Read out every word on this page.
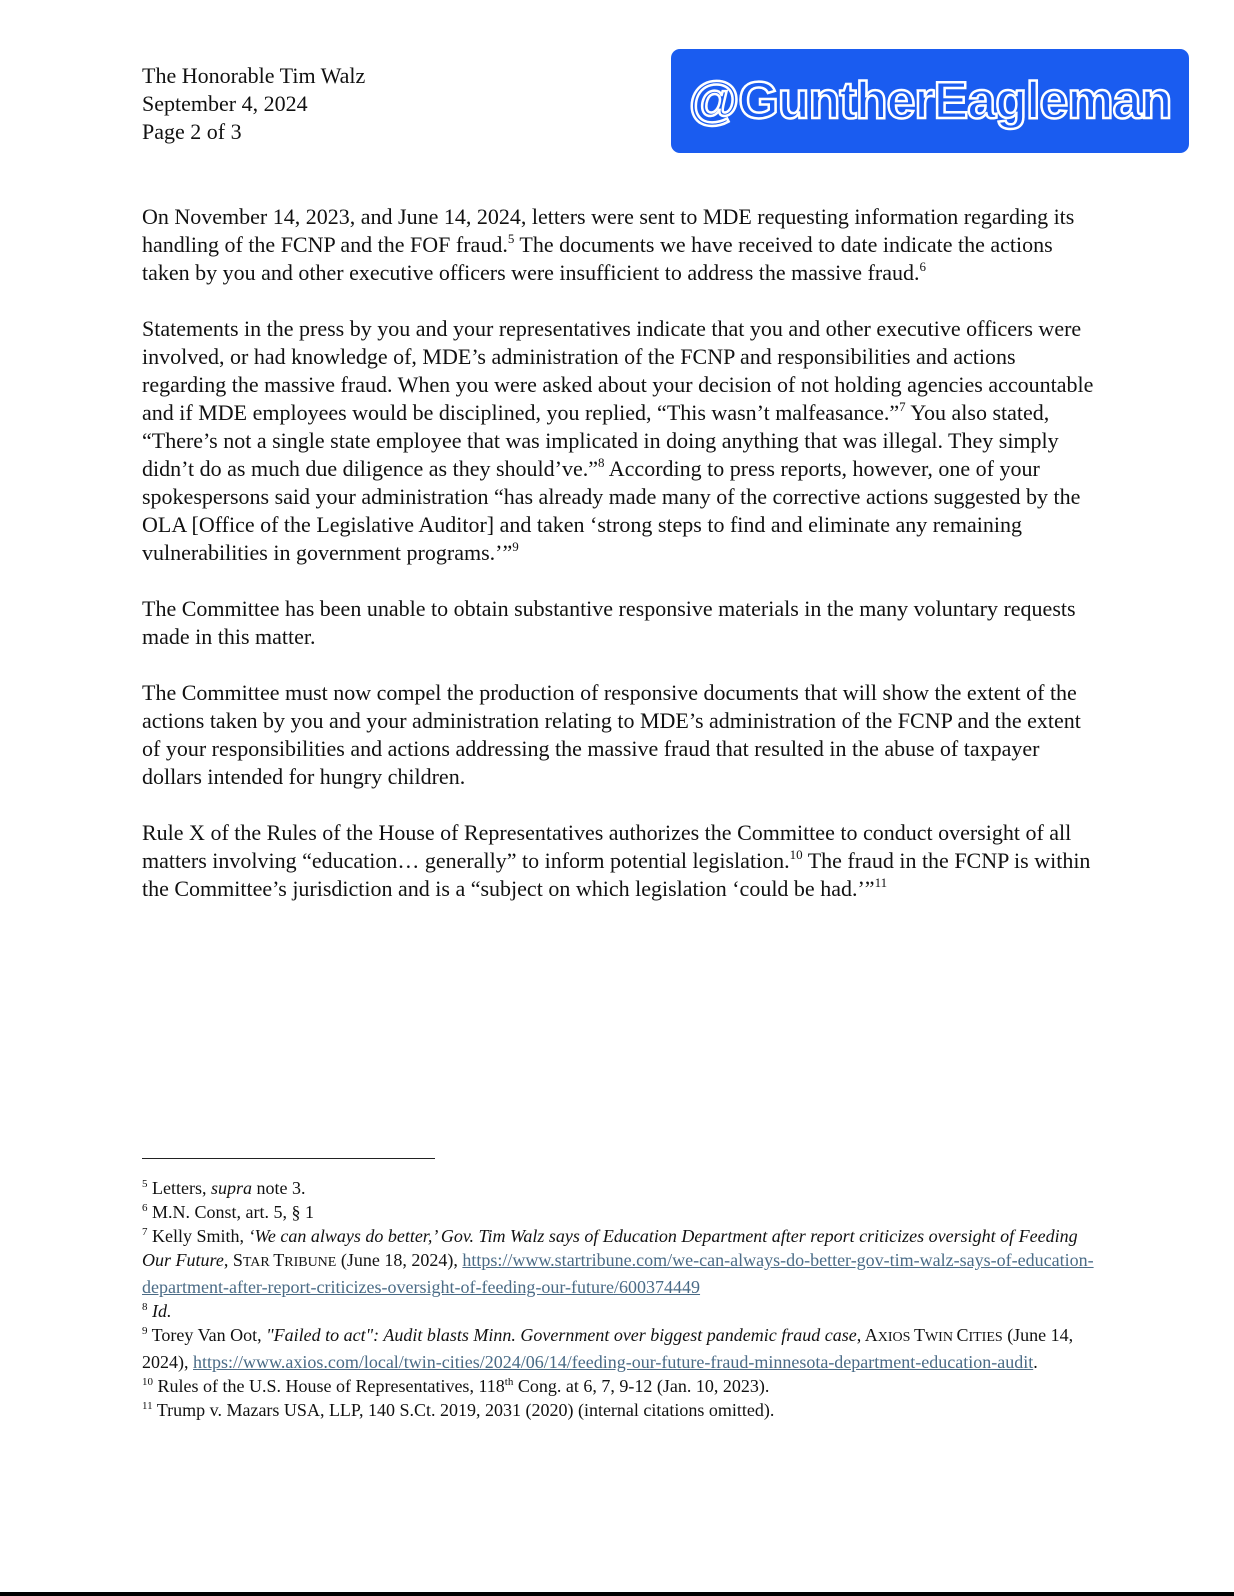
The Honorable Tim Walz
September 4, 2024
Page 2 of 3
@GuntherEagleman

On November 14, 2023, and June 14, 2024, letters were sent to MDE requesting information regarding its handling of the FCNP and the FOF fraud.$^5$ The documents we have received to date indicate the actions taken by you and other executive officers were insufficient to address the massive fraud.$^6$

Statements in the press by you and your representatives indicate that you and other executive officers were involved, or had knowledge of, MDE’s administration of the FCNP and responsibilities and actions regarding the massive fraud. When you were asked about your decision of not holding agencies accountable and if MDE employees would be disciplined, you replied, “This wasn’t malfeasance.”$^7$ You also stated, “There’s not a single state employee that was implicated in doing anything that was illegal. They simply didn’t do as much due diligence as they should’ve.”$^8$ According to press reports, however, one of your spokespersons said your administration “has already made many of the corrective actions suggested by the OLA [Office of the Legislative Auditor] and taken ‘strong steps to find and eliminate any remaining vulnerabilities in government programs.’”$^9$

The Committee has been unable to obtain substantive responsive materials in the many voluntary requests made in this matter.

The Committee must now compel the production of responsive documents that will show the extent of the actions taken by you and your administration relating to MDE’s administration of the FCNP and the extent of your responsibilities and actions addressing the massive fraud that resulted in the abuse of taxpayer dollars intended for hungry children.

Rule X of the Rules of the House of Representatives authorizes the Committee to conduct oversight of all matters involving “education… generally” to inform potential legislation.$^{10}$ The fraud in the FCNP is within the Committee’s jurisdiction and is a “subject on which legislation ‘could be had.’”$^{11}$

$^5$ Letters, supra note 3.

$^6$ M.N. Const, art. 5, § 1

$^7$ Kelly Smith, ‘We can always do better,’ Gov. Tim Walz says of Education Department after report criticizes oversight of Feeding Our Future, STAR TRIBUNE (June 18, 2024), https://www.startribune.com/we-can-always-do-better-gov-tim-walz-says-of-education-department-after-report-criticizes-oversight-of-feeding-our-future/600374449

$^8$ Id.

$^9$ Torey Van Oot, "Failed to act": Audit blasts Minn. Government over biggest pandemic fraud case, AXIOS TWIN CITIES (June 14, 2024), https://www.axios.com/local/twin-cities/2024/06/14/feeding-our-future-fraud-minnesota-department-education-audit.

$^{10}$ Rules of the U.S. House of Representatives, 118th Cong. at 6, 7, 9-12 (Jan. 10, 2023).

$^{11}$ Trump v. Mazars USA, LLP, 140 S.Ct. 2019, 2031 (2020) (internal citations omitted).
